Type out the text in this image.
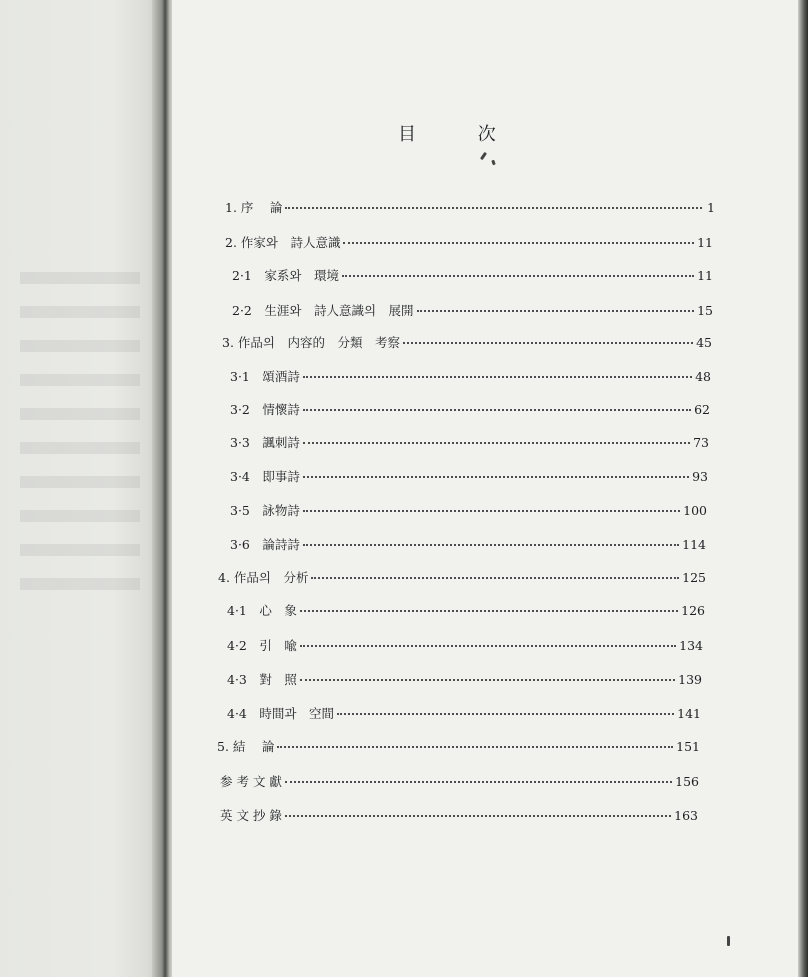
目	次
1. 序　 論	1
2. 作家와　詩人意識	11
2·1　家系와　環境	11
2·2　生涯와　詩人意識의　展開	15
3. 作品의　内容的　分類　考察	45
3·1　頌酒詩	48
3·2　情懷詩	62
3·3　諷刺詩	73
3·4　即事詩	93
3·5　詠物詩	100
3·6　論詩詩	114
4. 作品의　分析	125
4·1　心　象	126
4·2　引　喩	134
4·3　對　照	139
4·4　時間과　空間	141
5. 結　 論	151
参 考 文 獻	156
英 文 抄 錄	163
